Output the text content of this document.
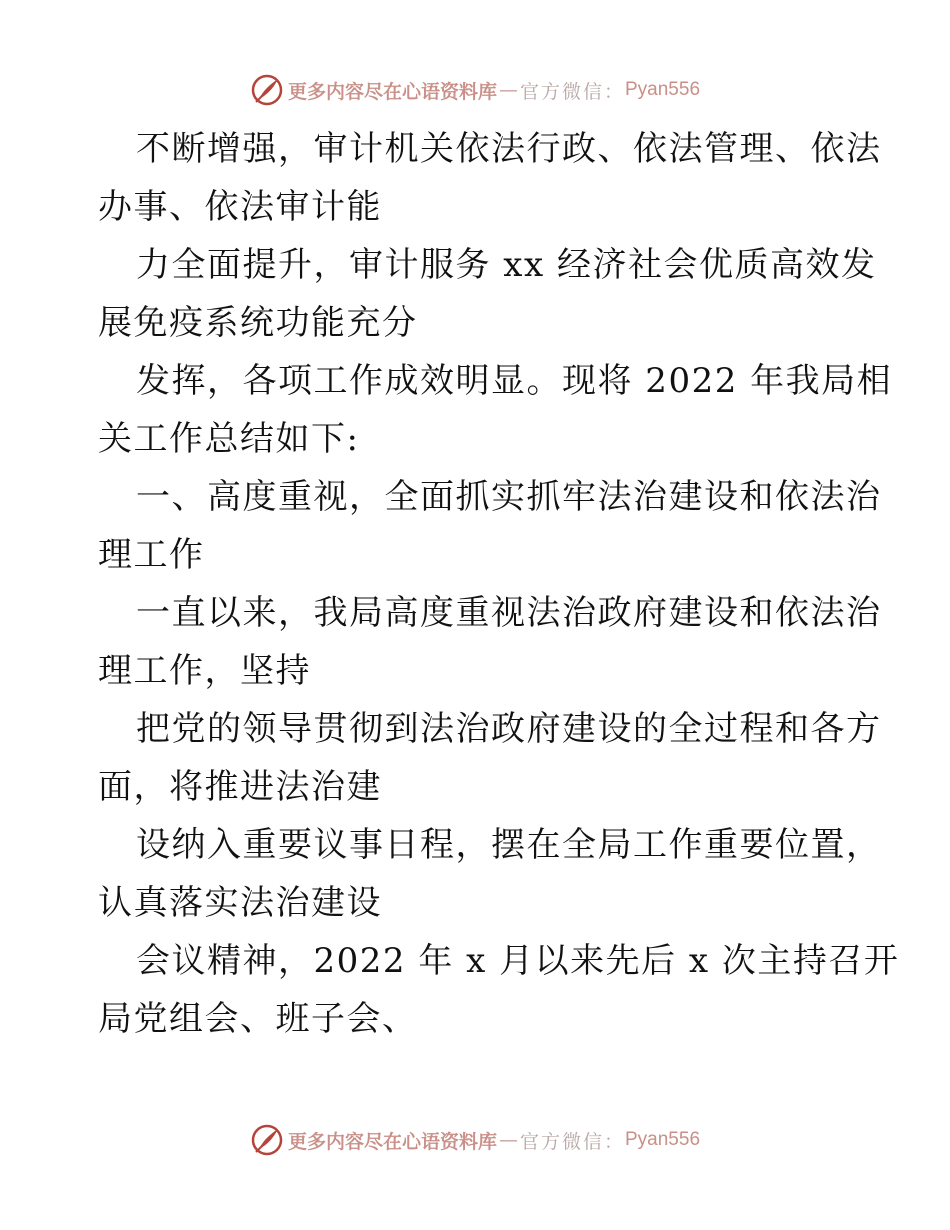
更多内容尽在心语资料库 — 官方微信： Pyan556
不断增强，审计机关依法行政、依法管理、依法
办事、依法审计能
力全面提升，审计服务 xx 经济社会优质高效发
展免疫系统功能充分
发挥，各项工作成效明显。现将 2022 年我局相
关工作总结如下:
一、高度重视，全面抓实抓牢法治建设和依法治
理工作
一直以来，我局高度重视法治政府建设和依法治
理工作，坚持
把党的领导贯彻到法治政府建设的全过程和各方
面，将推进法治建
设纳入重要议事日程，摆在全局工作重要位置，
认真落实法治建设
会议精神，2022 年 x 月以来先后 x 次主持召开
局党组会、班子会、
更多内容尽在心语资料库 — 官方微信： Pyan556
